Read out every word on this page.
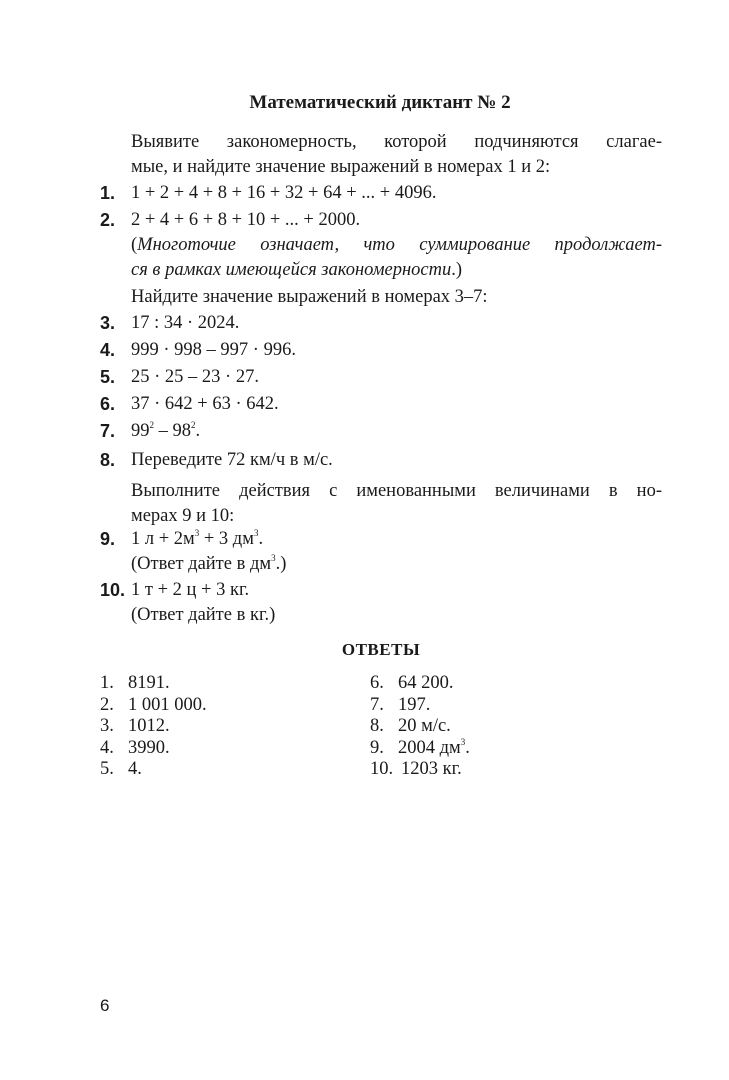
Математический диктант № 2
Выявите закономерность, которой подчиняются слагае-
мые, и найдите значение выражений в номерах 1 и 2:
1. 1 + 2 + 4 + 8 + 16 + 32 + 64 + ... + 4096.
2. 2 + 4 + 6 + 8 + 10 + ... + 2000.
(Многоточие означает, что суммирование продолжает-
ся в рамках имеющейся закономерности.)
Найдите значение выражений в номерах 3–7:
3. 17 : 34 · 2024.
4. 999 · 998 – 997 · 996.
5. 25 · 25 – 23 · 27.
6. 37 · 642 + 63 · 642.
7. $99^2 - 98^2$.
8. Переведите 72 км/ч в м/с.
Выполните действия с именованными величинами в но-
мерах 9 и 10:
9. 1 $л + 2м^3 + 3$ $дм^3$.
(Ответ дайте в $дм^3$.)
10. 1 т + 2 ц + 3 кг.
(Ответ дайте в кг.)
ОТВЕТЫ
1. 8191.
2. 1 001 000.
3. 1012.
4. 3990.
5. 4.
6. 64 200.
7. 197.
8. 20 м/с.
9. 2004 $дм^3$.
10. 1203 кг.
6
